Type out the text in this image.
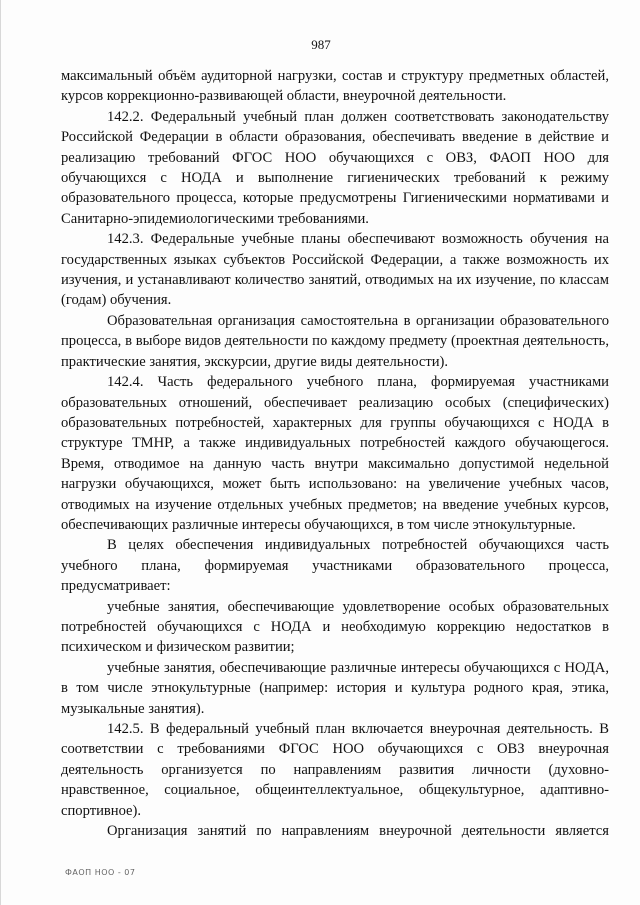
987

максимальный объём аудиторной нагрузки, состав и структуру предметных областей, курсов коррекционно-развивающей области, внеурочной деятельности.

142.2. Федеральный учебный план должен соответствовать законодательству Российской Федерации в области образования, обеспечивать введение в действие и реализацию требований ФГОС НОО обучающихся с ОВЗ, ФАОП НОО для обучающихся с НОДА и выполнение гигиенических требований к режиму образовательного процесса, которые предусмотрены Гигиеническими нормативами и Санитарно-эпидемиологическими требованиями.

142.3. Федеральные учебные планы обеспечивают возможность обучения на государственных языках субъектов Российской Федерации, а также возможность их изучения, и устанавливают количество занятий, отводимых на их изучение, по классам (годам) обучения.

Образовательная организация самостоятельна в организации образовательного процесса, в выборе видов деятельности по каждому предмету (проектная деятельность, практические занятия, экскурсии, другие виды деятельности).

142.4. Часть федерального учебного плана, формируемая участниками образовательных отношений, обеспечивает реализацию особых (специфических) образовательных потребностей, характерных для группы обучающихся с НОДА в структуре ТМНР, а также индивидуальных потребностей каждого обучающегося. Время, отводимое на данную часть внутри максимально допустимой недельной нагрузки обучающихся, может быть использовано: на увеличение учебных часов, отводимых на изучение отдельных учебных предметов; на введение учебных курсов, обеспечивающих различные интересы обучающихся, в том числе этнокультурные.

В целях обеспечения индивидуальных потребностей обучающихся часть учебного плана, формируемая участниками образовательного процесса, предусматривает:

учебные занятия, обеспечивающие удовлетворение особых образовательных потребностей обучающихся с НОДА и необходимую коррекцию недостатков в психическом и физическом развитии;

учебные занятия, обеспечивающие различные интересы обучающихся с НОДА, в том числе этнокультурные (например: история и культура родного края, этика, музыкальные занятия).

142.5. В федеральный учебный план включается внеурочная деятельность. В соответствии с требованиями ФГОС НОО обучающихся с ОВЗ внеурочная деятельность организуется по направлениям развития личности (духовно-нравственное, социальное, общеинтеллектуальное, общекультурное, адаптивно-спортивное).

Организация занятий по направлениям внеурочной деятельности является

ФАОП НОО - 07
